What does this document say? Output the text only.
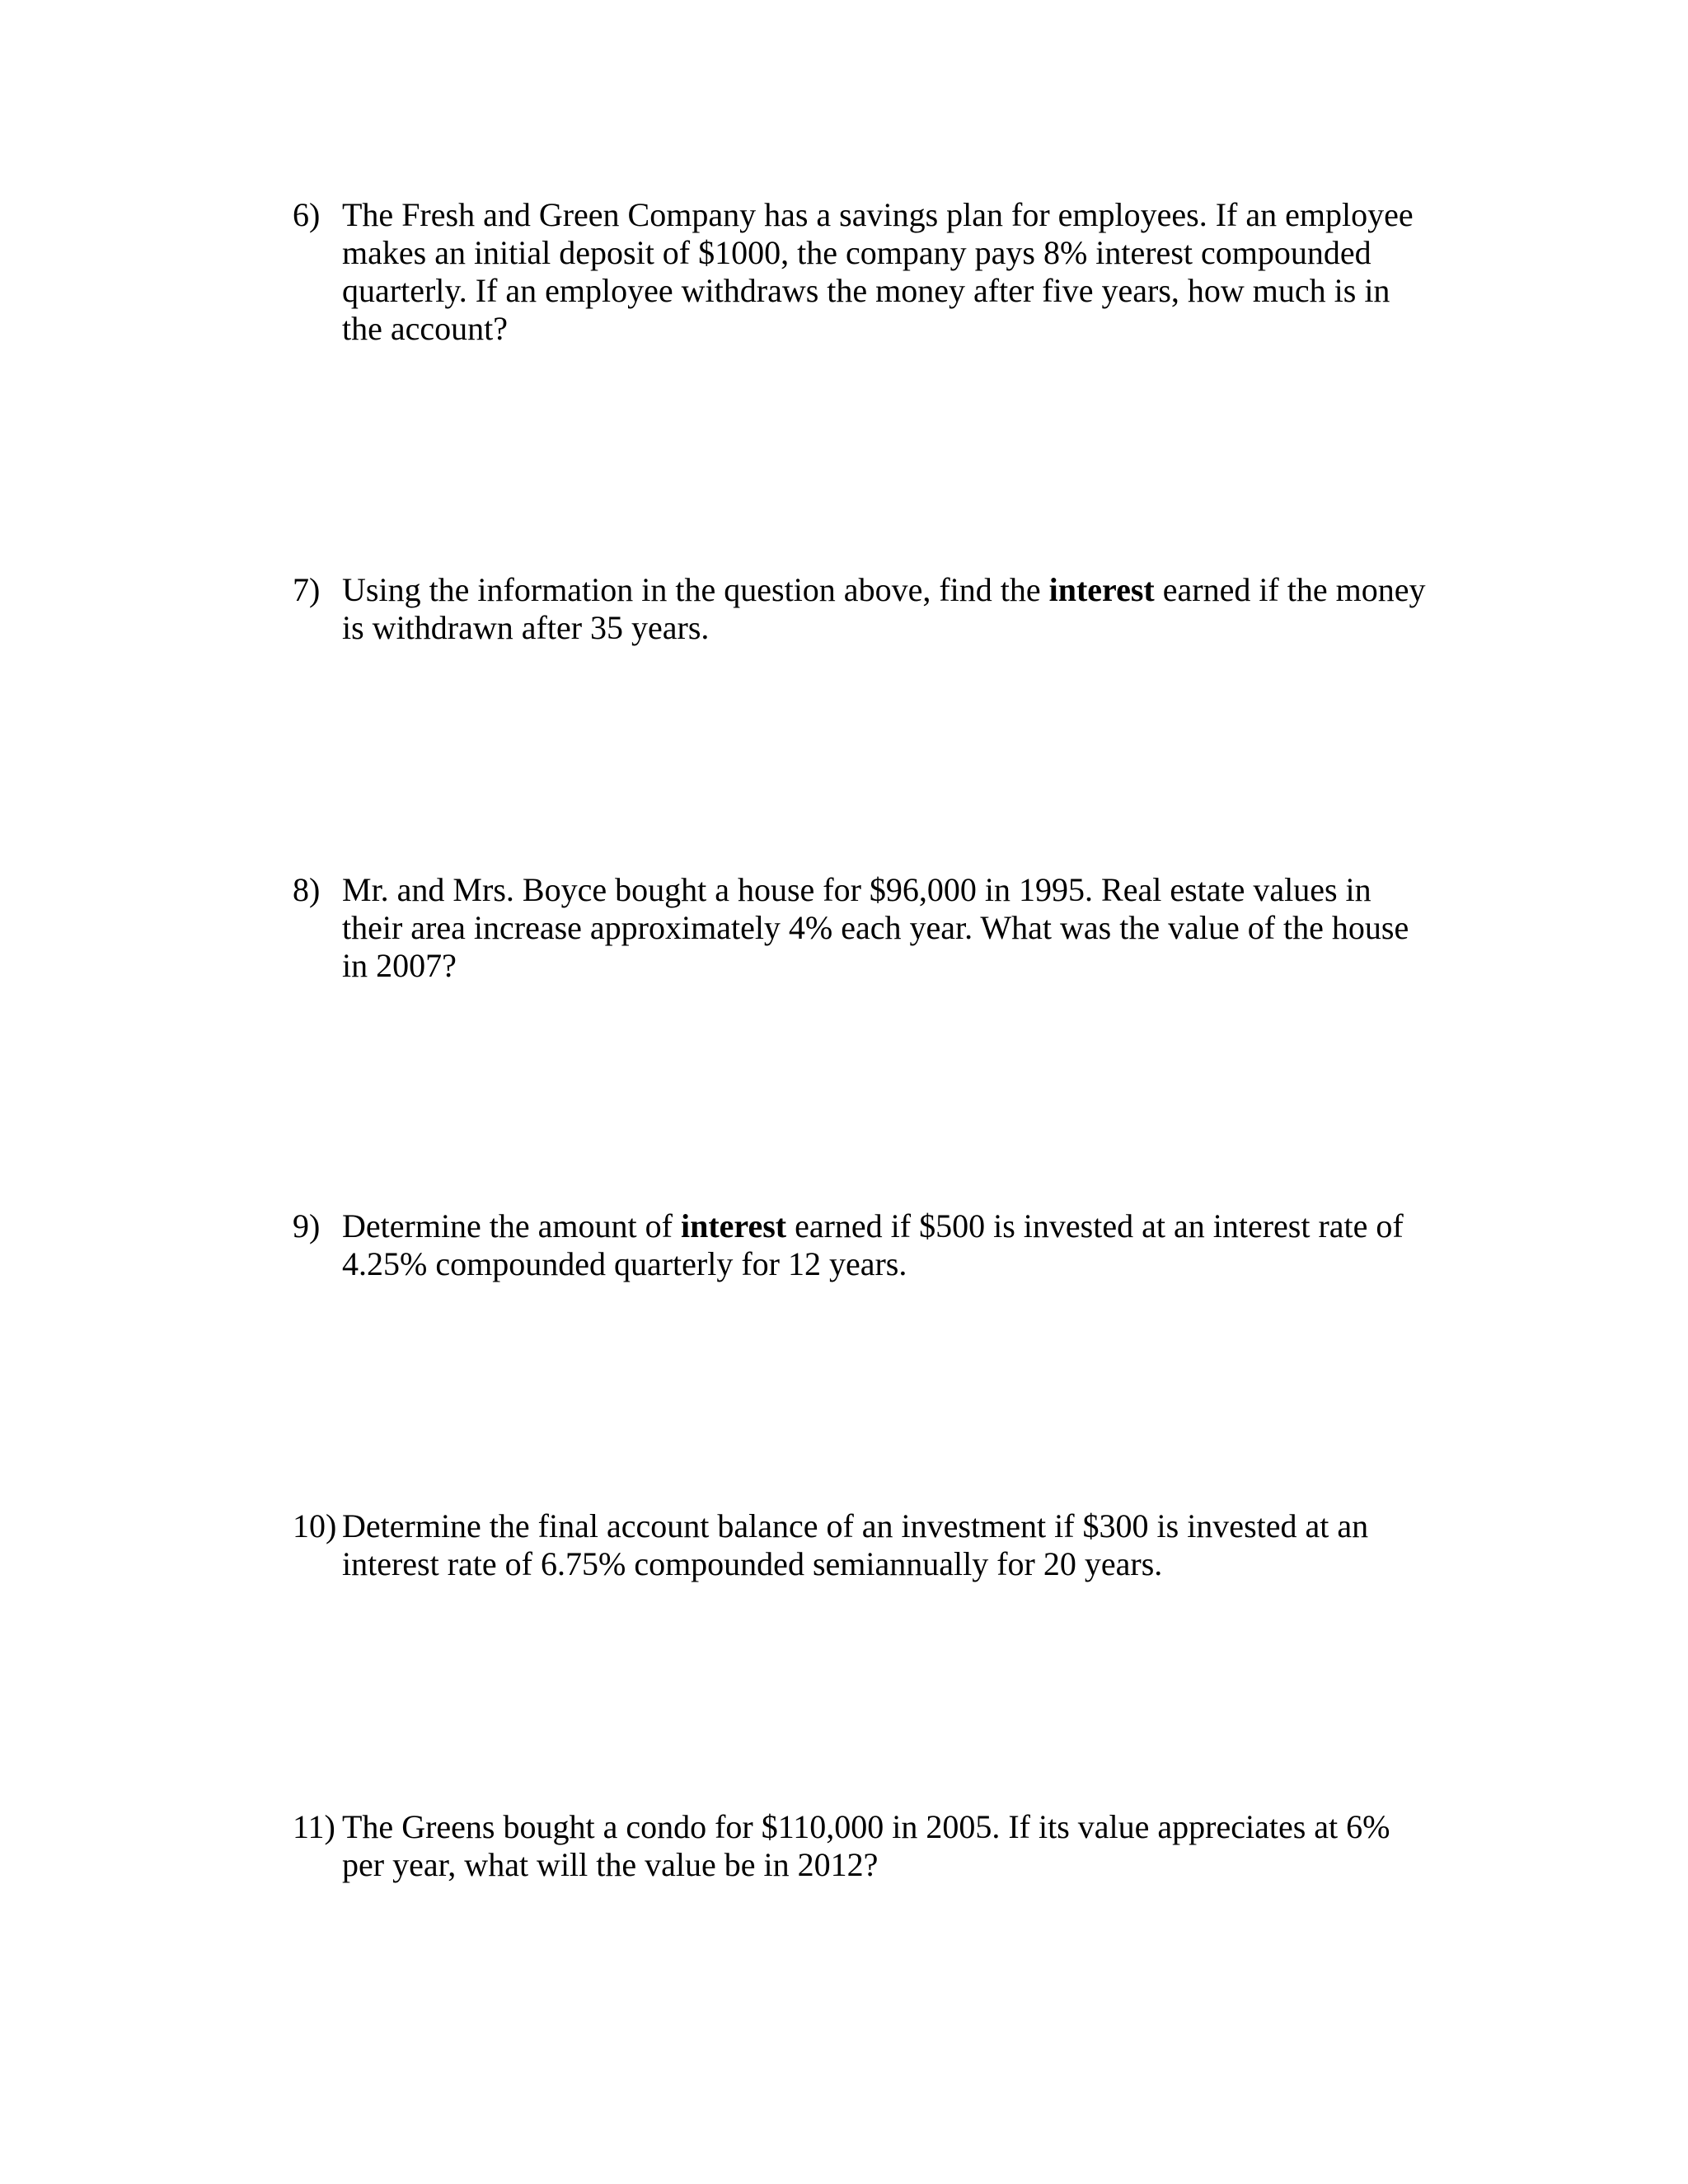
6) The Fresh and Green Company has a savings plan for employees. If an employee
makes an initial deposit of $1000, the company pays 8% interest compounded
quarterly. If an employee withdraws the money after five years, how much is in
the account?
7) Using the information in the question above, find the interest earned if the money
is withdrawn after 35 years.
8) Mr. and Mrs. Boyce bought a house for $96,000 in 1995. Real estate values in
their area increase approximately 4% each year. What was the value of the house
in 2007?
9) Determine the amount of interest earned if $500 is invested at an interest rate of
4.25% compounded quarterly for 12 years.
10) Determine the final account balance of an investment if $300 is invested at an
interest rate of 6.75% compounded semiannually for 20 years.
11) The Greens bought a condo for $110,000 in 2005. If its value appreciates at 6%
per year, what will the value be in 2012?
